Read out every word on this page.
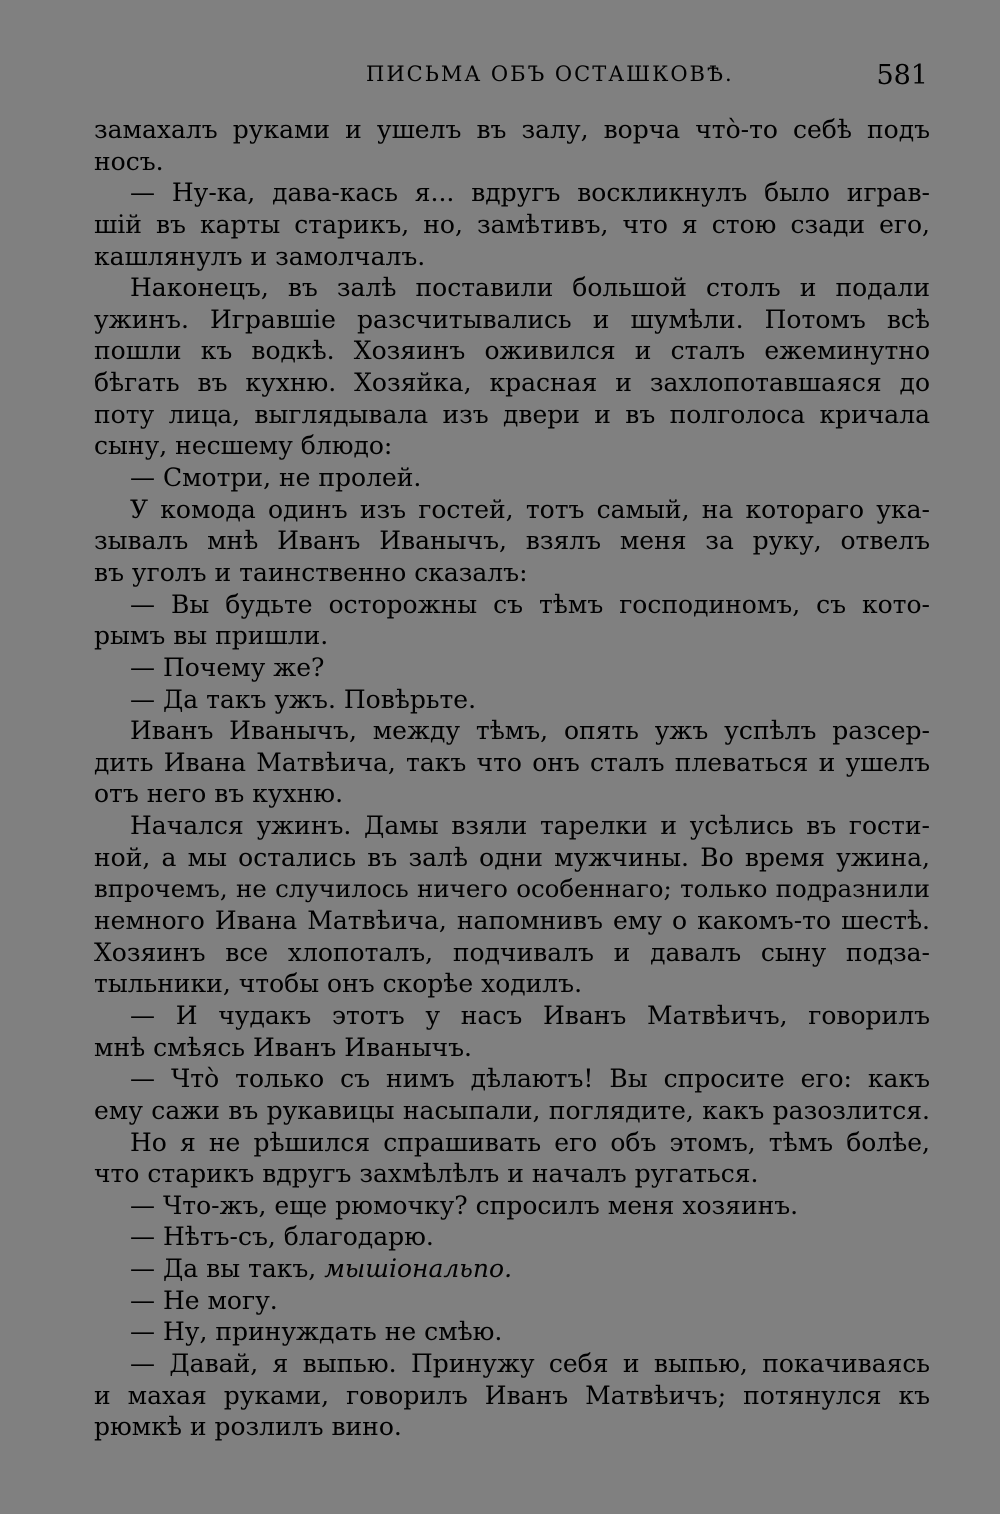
ПИСЬМА ОБЪ ОСТАШКОВѢ.	581
замахалъ руками и ушелъ въ залу, ворча что̀-то себѣ подъ
носъ.
— Ну-ка, дава-кась я... вдругъ воскликнулъ было играв-
шій въ карты старикъ, но, замѣтивъ, что я стою сзади его,
кашлянулъ и замолчалъ.
Наконецъ, въ залѣ поставили большой столъ и подали
ужинъ. Игравшіе разсчитывались и шумѣли. Потомъ всѣ
пошли къ водкѣ. Хозяинъ оживился и сталъ ежеминутно
бѣгать въ кухню. Хозяйка, красная и захлопотавшаяся до
поту лица, выглядывала изъ двери и въ полголоса кричала
сыну, несшему блюдо:
— Смотри, не пролей.
У комода одинъ изъ гостей, тотъ самый, на котораго ука-
зывалъ мнѣ Иванъ Иванычъ, взялъ меня за руку, отвелъ
въ уголъ и таинственно сказалъ:
— Вы будьте осторожны съ тѣмъ господиномъ, съ кото-
рымъ вы пришли.
— Почему же?
— Да такъ ужъ. Повѣрьте.
Иванъ Иванычъ, между тѣмъ, опять ужъ успѣлъ разсер-
дить Ивана Матвѣича, такъ что онъ сталъ плеваться и ушелъ
отъ него въ кухню.
Начался ужинъ. Дамы взяли тарелки и усѣлись въ гости-
ной, а мы остались въ залѣ одни мужчины. Во время ужина,
впрочемъ, не случилось ничего особеннаго; только подразнили
немного Ивана Матвѣича, напомнивъ ему о какомъ-то шестѣ.
Хозяинъ все хлопоталъ, подчивалъ и давалъ сыну подза-
тыльники, чтобы онъ скорѣе ходилъ.
— И чудакъ этотъ у насъ Иванъ Матвѣичъ, говорилъ
мнѣ смѣясь Иванъ Иванычъ.
— Что̀ только съ нимъ дѣлаютъ! Вы спросите его: какъ
ему сажи въ рукавицы насыпали, поглядите, какъ разозлится.
Но я не рѣшился спрашивать его объ этомъ, тѣмъ болѣе,
что старикъ вдругъ захмѣлѣлъ и началъ ругаться.
— Что-жъ, еще рюмочку? спросилъ меня хозяинъ.
— Нѣтъ-съ, благодарю.
— Да вы такъ, мышіональпо.
— Не могу.
— Ну, принуждать не смѣю.
— Давай, я выпью. Принужу себя и выпью, покачиваясь
и махая руками, говорилъ Иванъ Матвѣичъ; потянулся къ
рюмкѣ и розлилъ вино.
